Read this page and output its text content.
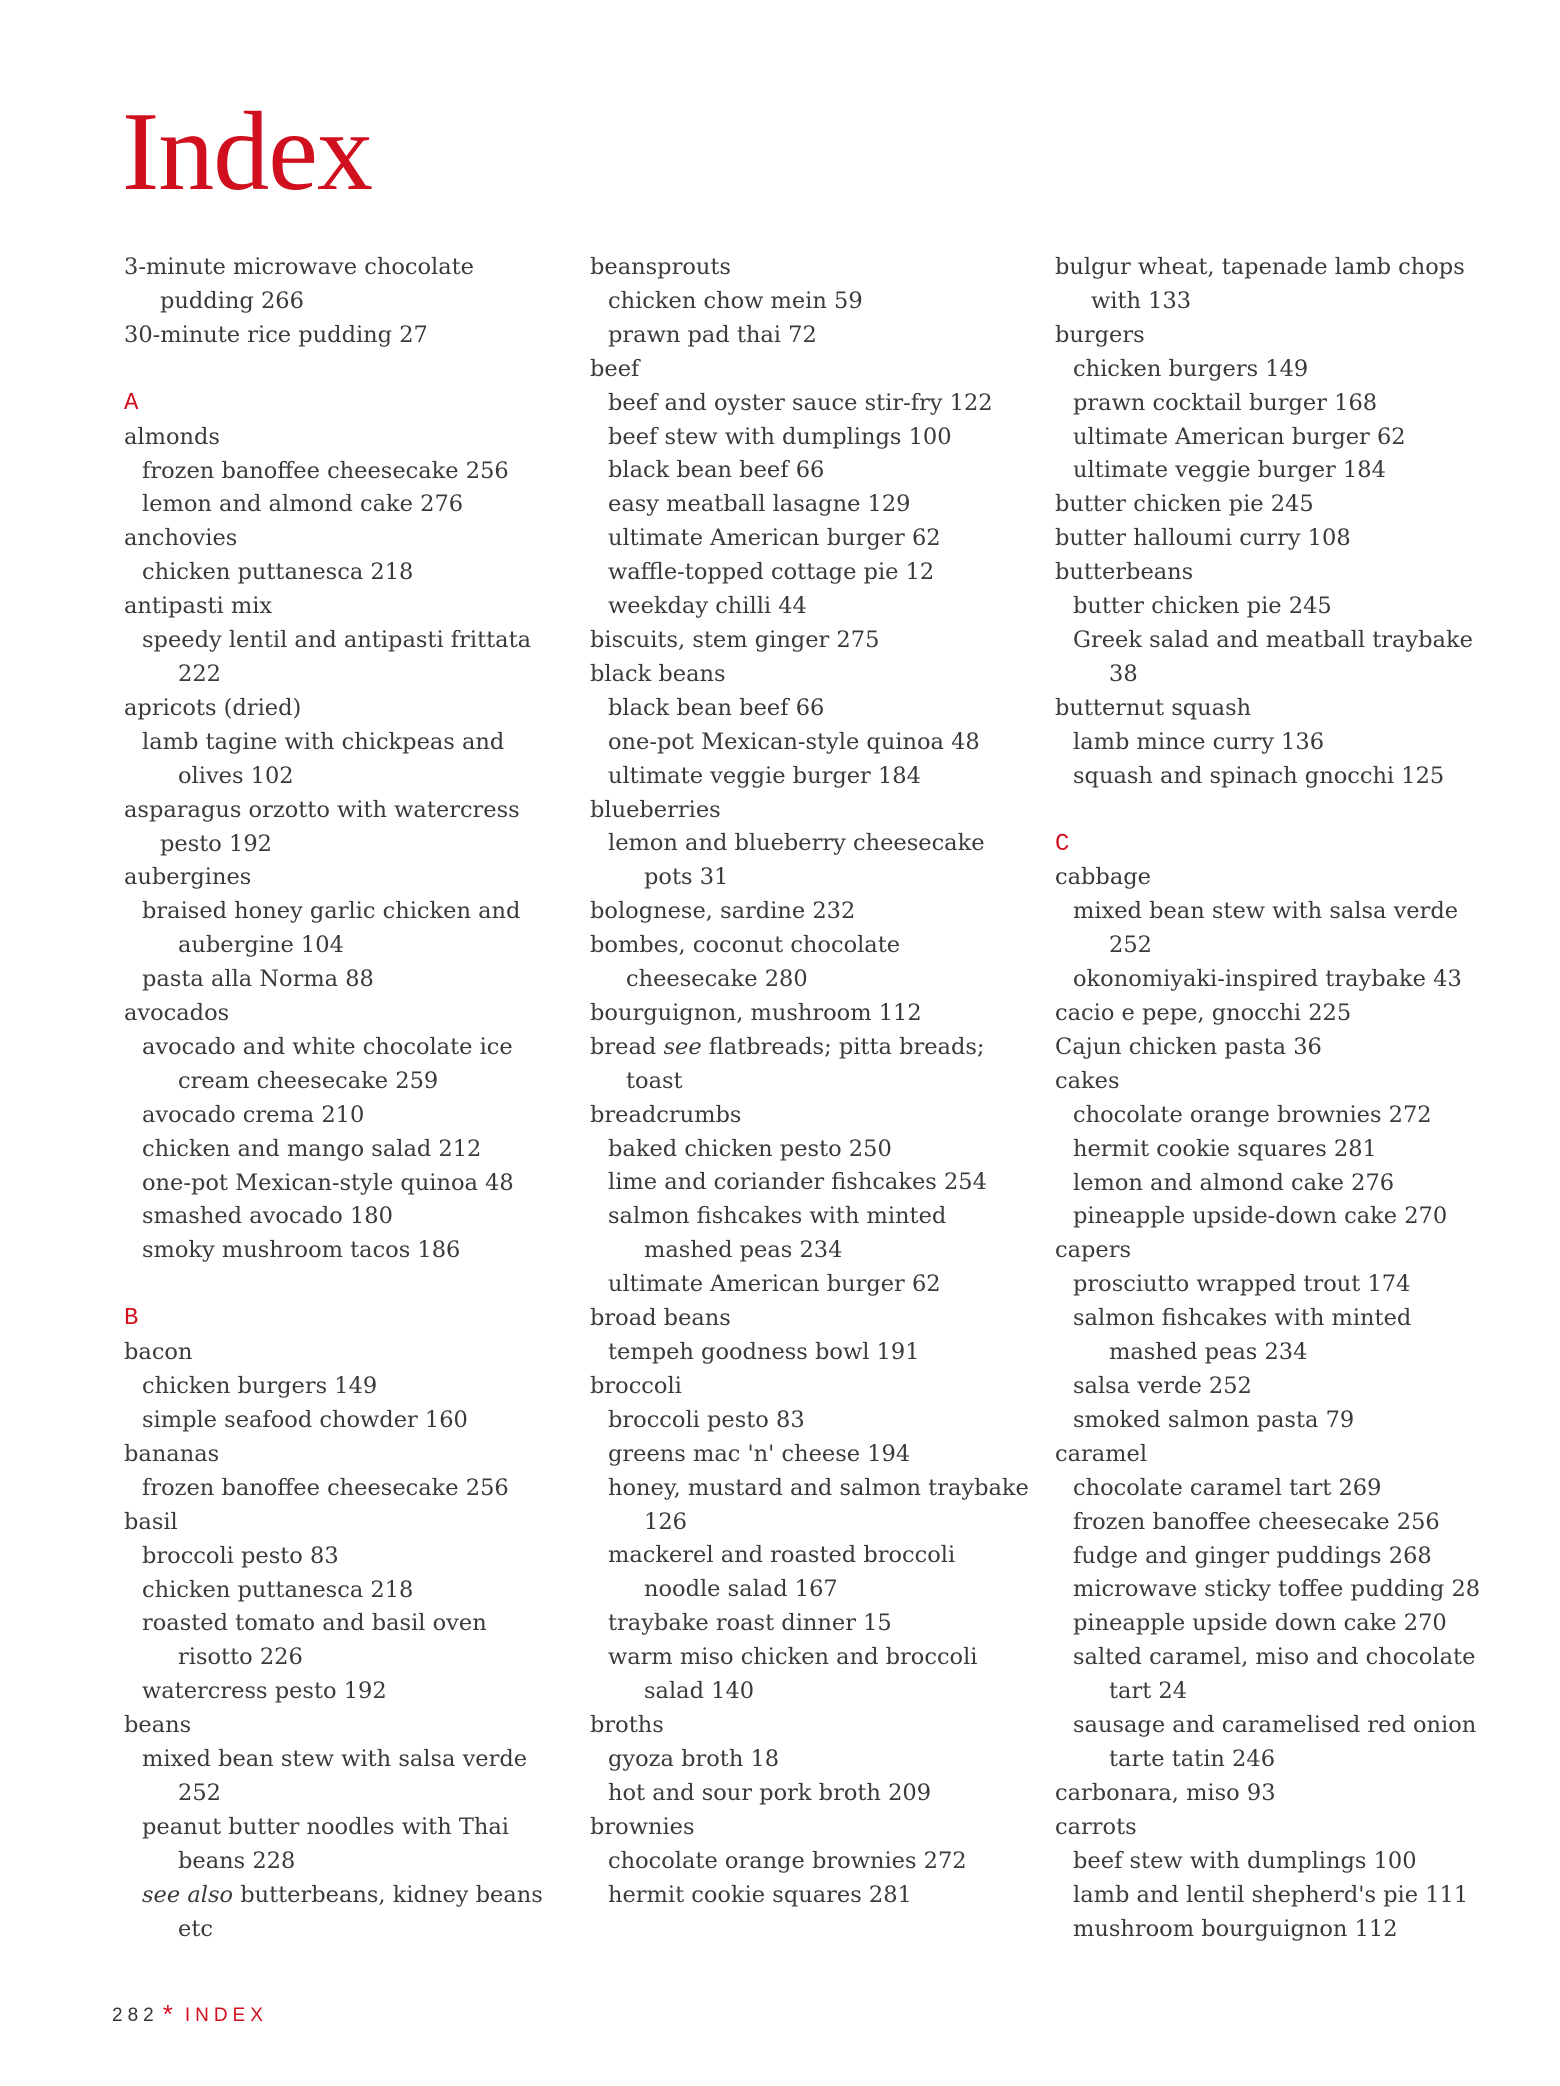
Index

3-minute microwave chocolate pudding 266

30-minute rice pudding 27

A

almonds

frozen banoffee cheesecake 256

lemon and almond cake 276

anchovies

chicken puttanesca 218

antipasti mix

speedy lentil and antipasti frittata 222

apricots (dried)

lamb tagine with chickpeas and olives 102

asparagus orzotto with watercress pesto 192

aubergines

braised honey garlic chicken and aubergine 104

pasta alla Norma 88

avocados

avocado and white chocolate ice cream cheesecake 259

avocado crema 210

chicken and mango salad 212

one-pot Mexican-style quinoa 48

smashed avocado 180

smoky mushroom tacos 186

B

bacon

chicken burgers 149

simple seafood chowder 160

bananas

frozen banoffee cheesecake 256

basil

broccoli pesto 83

chicken puttanesca 218

roasted tomato and basil oven risotto 226

watercress pesto 192

beans

mixed bean stew with salsa verde 252

peanut butter noodles with Thai beans 228

see also butterbeans, kidney beans etc

beansprouts

chicken chow mein 59

prawn pad thai 72

beef

beef and oyster sauce stir-fry 122

beef stew with dumplings 100

black bean beef 66

easy meatball lasagne 129

ultimate American burger 62

waffle-topped cottage pie 12

weekday chilli 44

biscuits, stem ginger 275

black beans

black bean beef 66

one-pot Mexican-style quinoa 48

ultimate veggie burger 184

blueberries

lemon and blueberry cheesecake pots 31

bolognese, sardine 232

bombes, coconut chocolate cheesecake 280

bourguignon, mushroom 112

bread see flatbreads; pitta breads; toast

breadcrumbs

baked chicken pesto 250

lime and coriander fishcakes 254

salmon fishcakes with minted mashed peas 234

ultimate American burger 62

broad beans

tempeh goodness bowl 191

broccoli

broccoli pesto 83

greens mac 'n' cheese 194

honey, mustard and salmon traybake 126

mackerel and roasted broccoli noodle salad 167

traybake roast dinner 15

warm miso chicken and broccoli salad 140

broths

gyoza broth 18

hot and sour pork broth 209

brownies

chocolate orange brownies 272

hermit cookie squares 281

bulgur wheat, tapenade lamb chops with 133

burgers

chicken burgers 149

prawn cocktail burger 168

ultimate American burger 62

ultimate veggie burger 184

butter chicken pie 245

butter halloumi curry 108

butterbeans

butter chicken pie 245

Greek salad and meatball traybake 38

butternut squash

lamb mince curry 136

squash and spinach gnocchi 125

C

cabbage

mixed bean stew with salsa verde 252

okonomiyaki-inspired traybake 43

cacio e pepe, gnocchi 225

Cajun chicken pasta 36

cakes

chocolate orange brownies 272

hermit cookie squares 281

lemon and almond cake 276

pineapple upside-down cake 270

capers

prosciutto wrapped trout 174

salmon fishcakes with minted mashed peas 234

salsa verde 252

smoked salmon pasta 79

caramel

chocolate caramel tart 269

frozen banoffee cheesecake 256

fudge and ginger puddings 268

microwave sticky toffee pudding 28

pineapple upside down cake 270

salted caramel, miso and chocolate tart 24

sausage and caramelised red onion tarte tatin 246

carbonara, miso 93

carrots

beef stew with dumplings 100

lamb and lentil shepherd's pie 111

mushroom bourguignon 112

282 * INDEX
